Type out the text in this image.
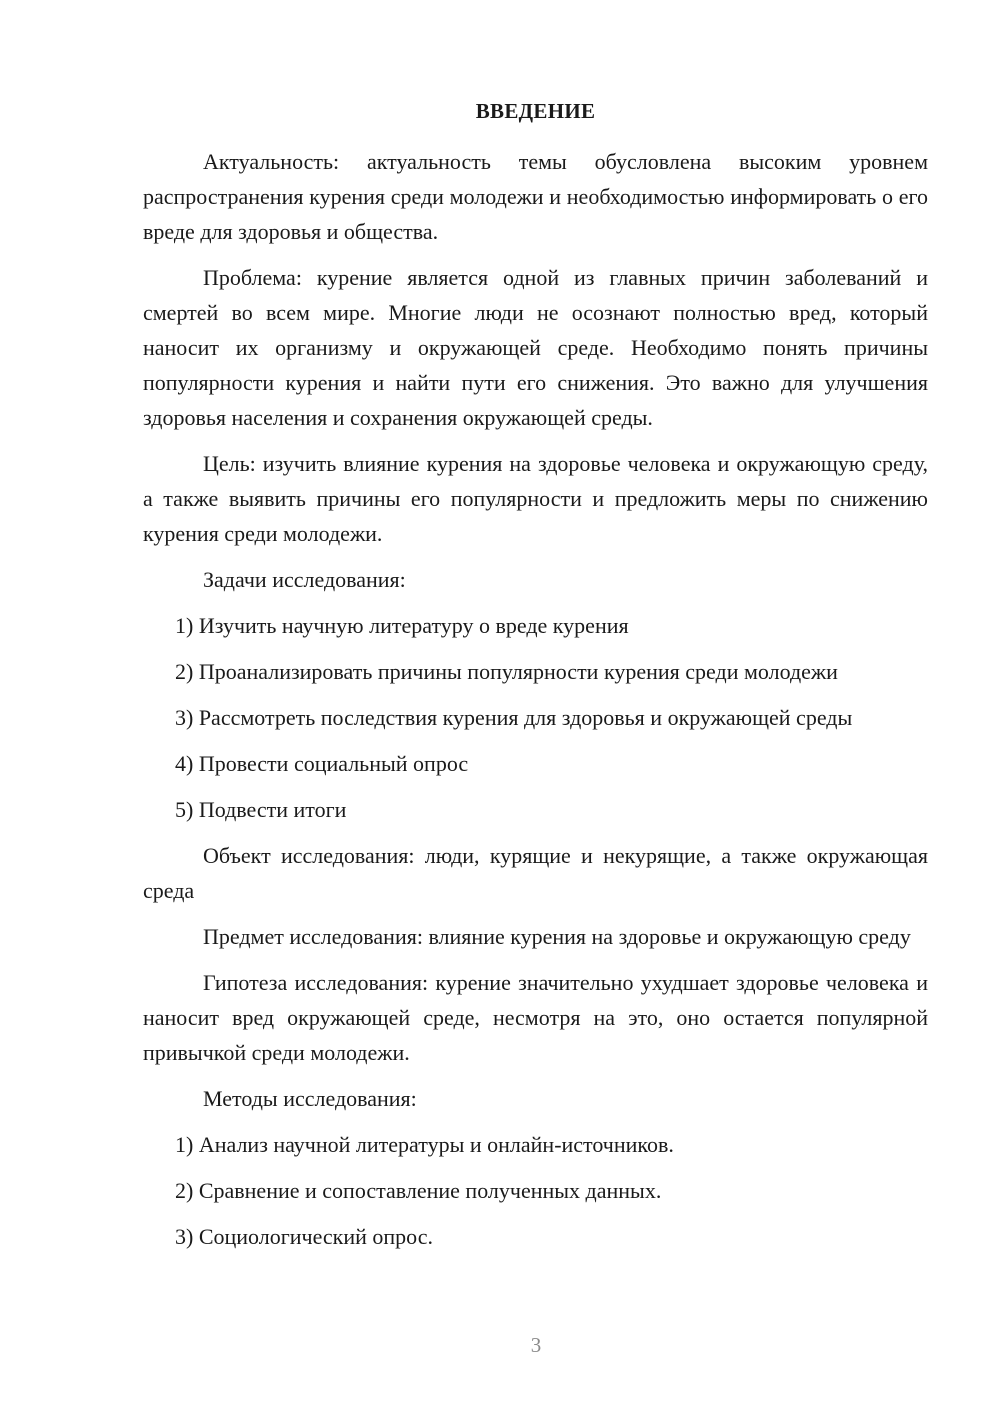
ВВЕДЕНИЕ

Актуальность: актуальность темы обусловлена высоким уровнем распространения курения среди молодежи и необходимостью информировать о его вреде для здоровья и общества.

Проблема: курение является одной из главных причин заболеваний и смертей во всем мире. Многие люди не осознают полностью вред, который наносит их организму и окружающей среде. Необходимо понять причины популярности курения и найти пути его снижения. Это важно для улучшения здоровья населения и сохранения окружающей среды.

Цель: изучить влияние курения на здоровье человека и окружающую среду, а также выявить причины его популярности и предложить меры по снижению курения среди молодежи.

Задачи исследования:

1) Изучить научную литературу о вреде курения

2) Проанализировать причины популярности курения среди молодежи

3) Рассмотреть последствия курения для здоровья и окружающей среды

4) Провести социальный опрос

5) Подвести итоги

Объект исследования: люди, курящие и некурящие, а также окружающая среда

Предмет исследования: влияние курения на здоровье и окружающую среду

Гипотеза исследования: курение значительно ухудшает здоровье человека и наносит вред окружающей среде, несмотря на это, оно остается популярной привычкой среди молодежи.

Методы исследования:

1) Анализ научной литературы и онлайн-источников.

2) Сравнение и сопоставление полученных данных.

3) Социологический опрос.

3
